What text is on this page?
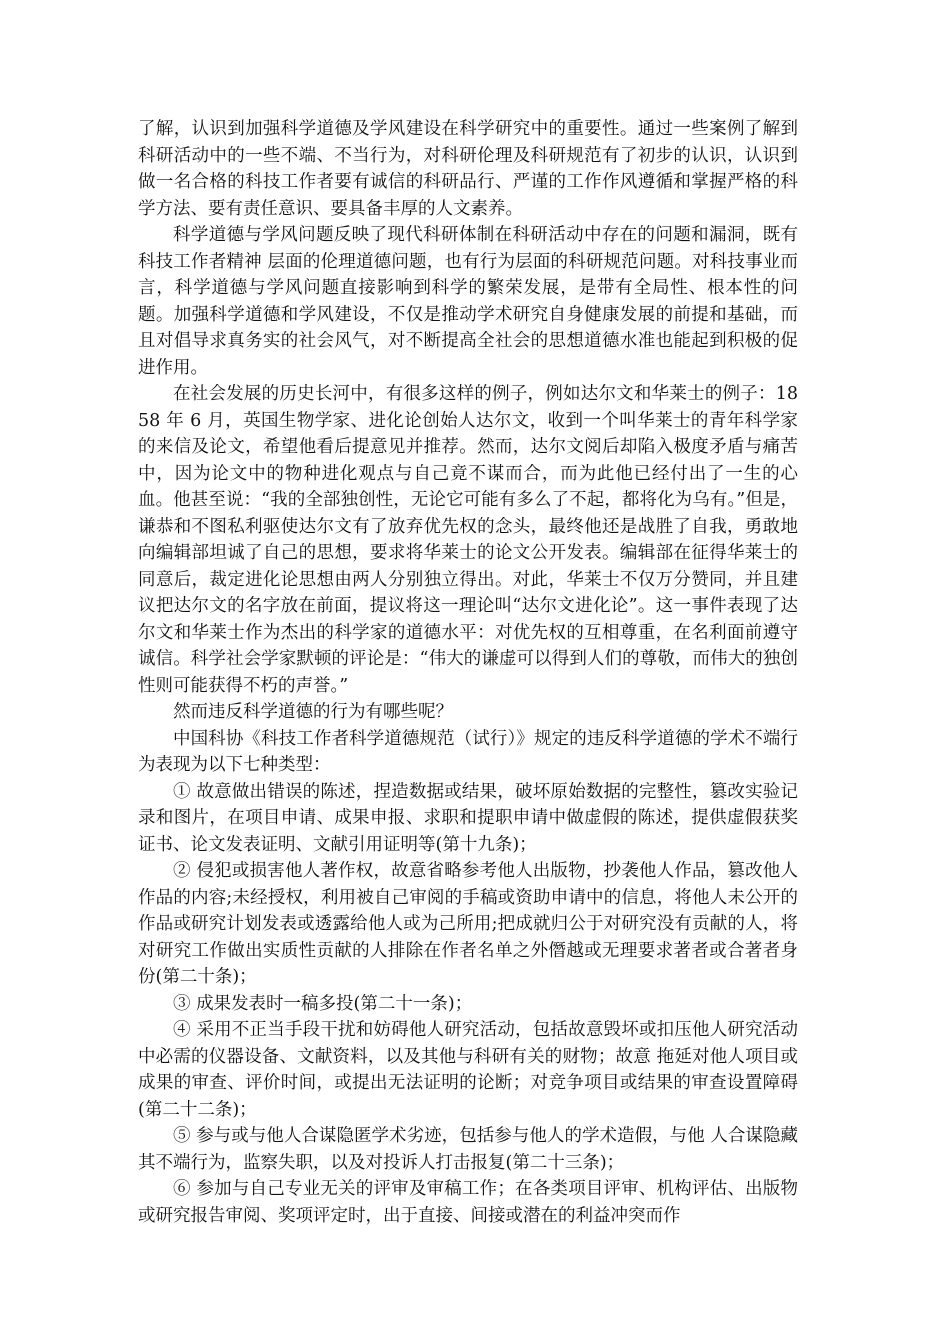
了解，认识到加强科学道德及学风建设在科学研究中的重要性。通过一些案例了解到科研活动中的一些不端、不当行为，对科研伦理及科研规范有了初步的认识，认识到做一名合格的科技工作者要有诚信的科研品行、严谨的工作作风遵循和掌握严格的科学方法、要有责任意识、要具备丰厚的人文素养。

科学道德与学风问题反映了现代科研体制在科研活动中存在的问题和漏洞，既有科技工作者精神 层面的伦理道德问题，也有行为层面的科研规范问题。对科技事业而言，科学道德与学风问题直接影响到科学的繁荣发展，是带有全局性、根本性的问题。加强科学道德和学风建设，不仅是推动学术研究自身健康发展的前提和基础，而且对倡导求真务实的社会风气，对不断提高全社会的思想道德水准也能起到积极的促进作用。

在社会发展的历史长河中，有很多这样的例子，例如达尔文和华莱士的例子：1858 年 6 月，英国生物学家、进化论创始人达尔文，收到一个叫华莱士的青年科学家的来信及论文，希望他看后提意见并推荐。然而，达尔文阅后却陷入极度矛盾与痛苦中，因为论文中的物种进化观点与自己竟不谋而合，而为此他已经付出了一生的心血。他甚至说：“我的全部独创性，无论它可能有多么了不起，都将化为乌有。”但是，谦恭和不图私利驱使达尔文有了放弃优先权的念头，最终他还是战胜了自我，勇敢地向编辑部坦诚了自己的思想，要求将华莱士的论文公开发表。编辑部在征得华莱士的同意后，裁定进化论思想由两人分别独立得出。对此，华莱士不仅万分赞同，并且建议把达尔文的名字放在前面，提议将这一理论叫“达尔文进化论”。这一事件表现了达尔文和华莱士作为杰出的科学家的道德水平：对优先权的互相尊重，在名利面前遵守诚信。科学社会学家默顿的评论是：“伟大的谦虚可以得到人们的尊敬，而伟大的独创性则可能获得不朽的声誉。”

然而违反科学道德的行为有哪些呢？

中国科协《科技工作者科学道德规范（试行）》规定的违反科学道德的学术不端行为表现为以下七种类型：

① 故意做出错误的陈述，捏造数据或结果，破坏原始数据的完整性，篡改实验记录和图片，在项目申请、成果申报、求职和提职申请中做虚假的陈述，提供虚假获奖证书、论文发表证明、文献引用证明等(第十九条)；

② 侵犯或损害他人著作权，故意省略参考他人出版物，抄袭他人作品，篡改他人作品的内容;未经授权，利用被自己审阅的手稿或资助申请中的信息，将他人未公开的作品或研究计划发表或透露给他人或为己所用;把成就归公于对研究没有贡献的人，将对研究工作做出实质性贡献的人排除在作者名单之外僭越或无理要求著者或合著者身份(第二十条)；

③ 成果发表时一稿多投(第二十一条)；

④ 采用不正当手段干扰和妨碍他人研究活动，包括故意毁坏或扣压他人研究活动中必需的仪器设备、文献资料，以及其他与科研有关的财物；故意 拖延对他人项目或成果的审查、评价时间，或提出无法证明的论断；对竞争项目或结果的审查设置障碍(第二十二条)；

⑤ 参与或与他人合谋隐匿学术劣迹，包括参与他人的学术造假，与他 人合谋隐藏其不端行为，监察失职，以及对投诉人打击报复(第二十三条)；

⑥ 参加与自己专业无关的评审及审稿工作；在各类项目评审、机构评估、出版物或研究报告审阅、奖项评定时，出于直接、间接或潜在的利益冲突而作
